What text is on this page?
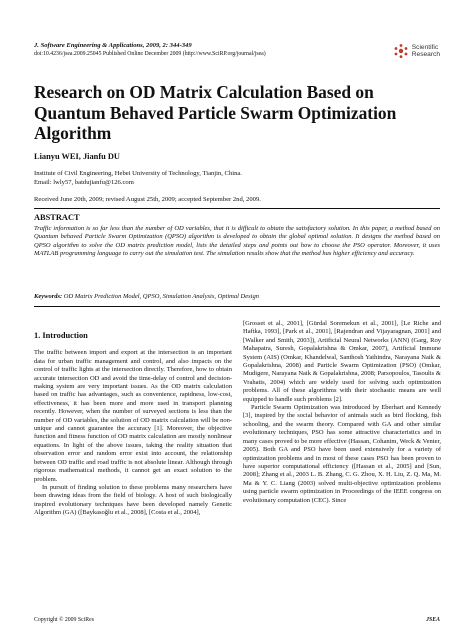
J. Software Engineering & Applications, 2009, 2: 344-349
doi:10.4236/jsea.2009.25045 Published Online December 2009 (http://www.SciRP.org/journal/jsea)
Scientific
Research
Research on OD Matrix Calculation Based on Quantum Behaved Particle Swarm Optimization Algorithm
Lianyu WEI, Jianfu DU
Institute of Civil Engineering, Hebei University of Technology, Tianjin, China.
Email: lwly57, batdujianfu@126.com
Received June 20th, 2009; revised August 25th, 2009; accepted September 2nd, 2009.
ABSTRACT
Traffic information is so far less than the number of OD variables, that it is difficult to obtain the satisfactory solution. In this paper, a method based on Quantum behaved Particle Swarm Optimization (QPSO) algorithm is developed to obtain the global optimal solution. It designs the method based on QPSO algorithm to solve the OD matrix prediction model, lists the detailed steps and points out how to choose the PSO operator. Moreover, it uses MATLAB programming language to carry out the simulation test. The simulation results show that the method has higher efficiency and accuracy.
Keywords: OD Matrix Prediction Model, QPSO, Simulation Analysis, Optimal Design
1. Introduction

The traffic between import and export at the intersection is an important data for urban traffic management and control, and also impacts on the control of traffic lights at the intersection directly. Therefore, how to obtain accurate intersection OD and avoid the time-delay of control and decision-making system are very important issues. As the OD matrix calculation based on traffic has advantages, such as convenience, rapidness, low-cost, effectiveness, it has been more and more used in transport planning recently. However, when the number of surveyed sections is less than the number of OD variables, the solution of OD matrix calculation will be non-unique and cannot guarantee the accuracy [1]. Moreover, the objective function and fitness function of OD matrix calculation are mostly nonlinear equations. In light of the above issues, taking the reality situation that observation error and random error exist into account, the relationship between OD traffic and road traffic is not absolute linear. Although through rigorous mathematical methods, it cannot get an exact solution to the problem.

In pursuit of finding solution to these problems many researchers have been drawing ideas from the field of biology. A host of such biologically inspired evolutionary techniques have been developed namely Genetic Algorithm (GA) ([Baykasoğlu et al., 2008], [Costa et al., 2004],

[Grosset et al., 2001], [Gürdal Soremekun et al., 2001], [Le Riche and Haftka, 1993], [Park et al., 2001], [Rajendran and Vijayaragnan, 2001] and [Walker and Smith, 2003]), Artificial Neural Networks (ANN) (Garg, Roy Mahapatra, Suresh, Gopalakrishna & Omkar, 2007), Artificial Immune System (AIS) (Omkar, Khandelwal, Santhosh Yathindra, Narayana Naik & Gopalakrishna, 2008) and Particle Swarm Optimization (PSO) (Omkar, Mudigere, Narayana Naik & Gopalakrishna, 2008; Parsopoulos, Tasoulis & Vrahatis, 2004) which are widely used for solving such optimization problems. All of these algorithms with their stochastic means are well equipped to handle such problems [2].

Particle Swarm Optimization was introduced by Eberhart and Kennedy [3], inspired by the social behavior of animals such as bird flocking, fish schooling, and the swarm theory. Compared with GA and other similar evolutionary techniques, PSO has some attractive characteristics and in many cases proved to be more effective (Hassan, Cohanim, Weck & Venter, 2005). Both GA and PSO have been used extensively for a variety of optimization problems and in most of these cases PSO has been proven to have superior computational efficiency ([Hassan et al., 2005] and [Sun, 2008]; Zhang et al., 2003 L. B. Zhang, C. G. Zhou, X. H. Liu, Z. Q. Ma, M. Ma & Y. C. Liang (2003) solved multi-objective optimization problems using particle swarm optimization in Proceedings of the IEEE congress on evolutionary computation (CEC). Since

Copyright © 2009 SciRes	JSEA
